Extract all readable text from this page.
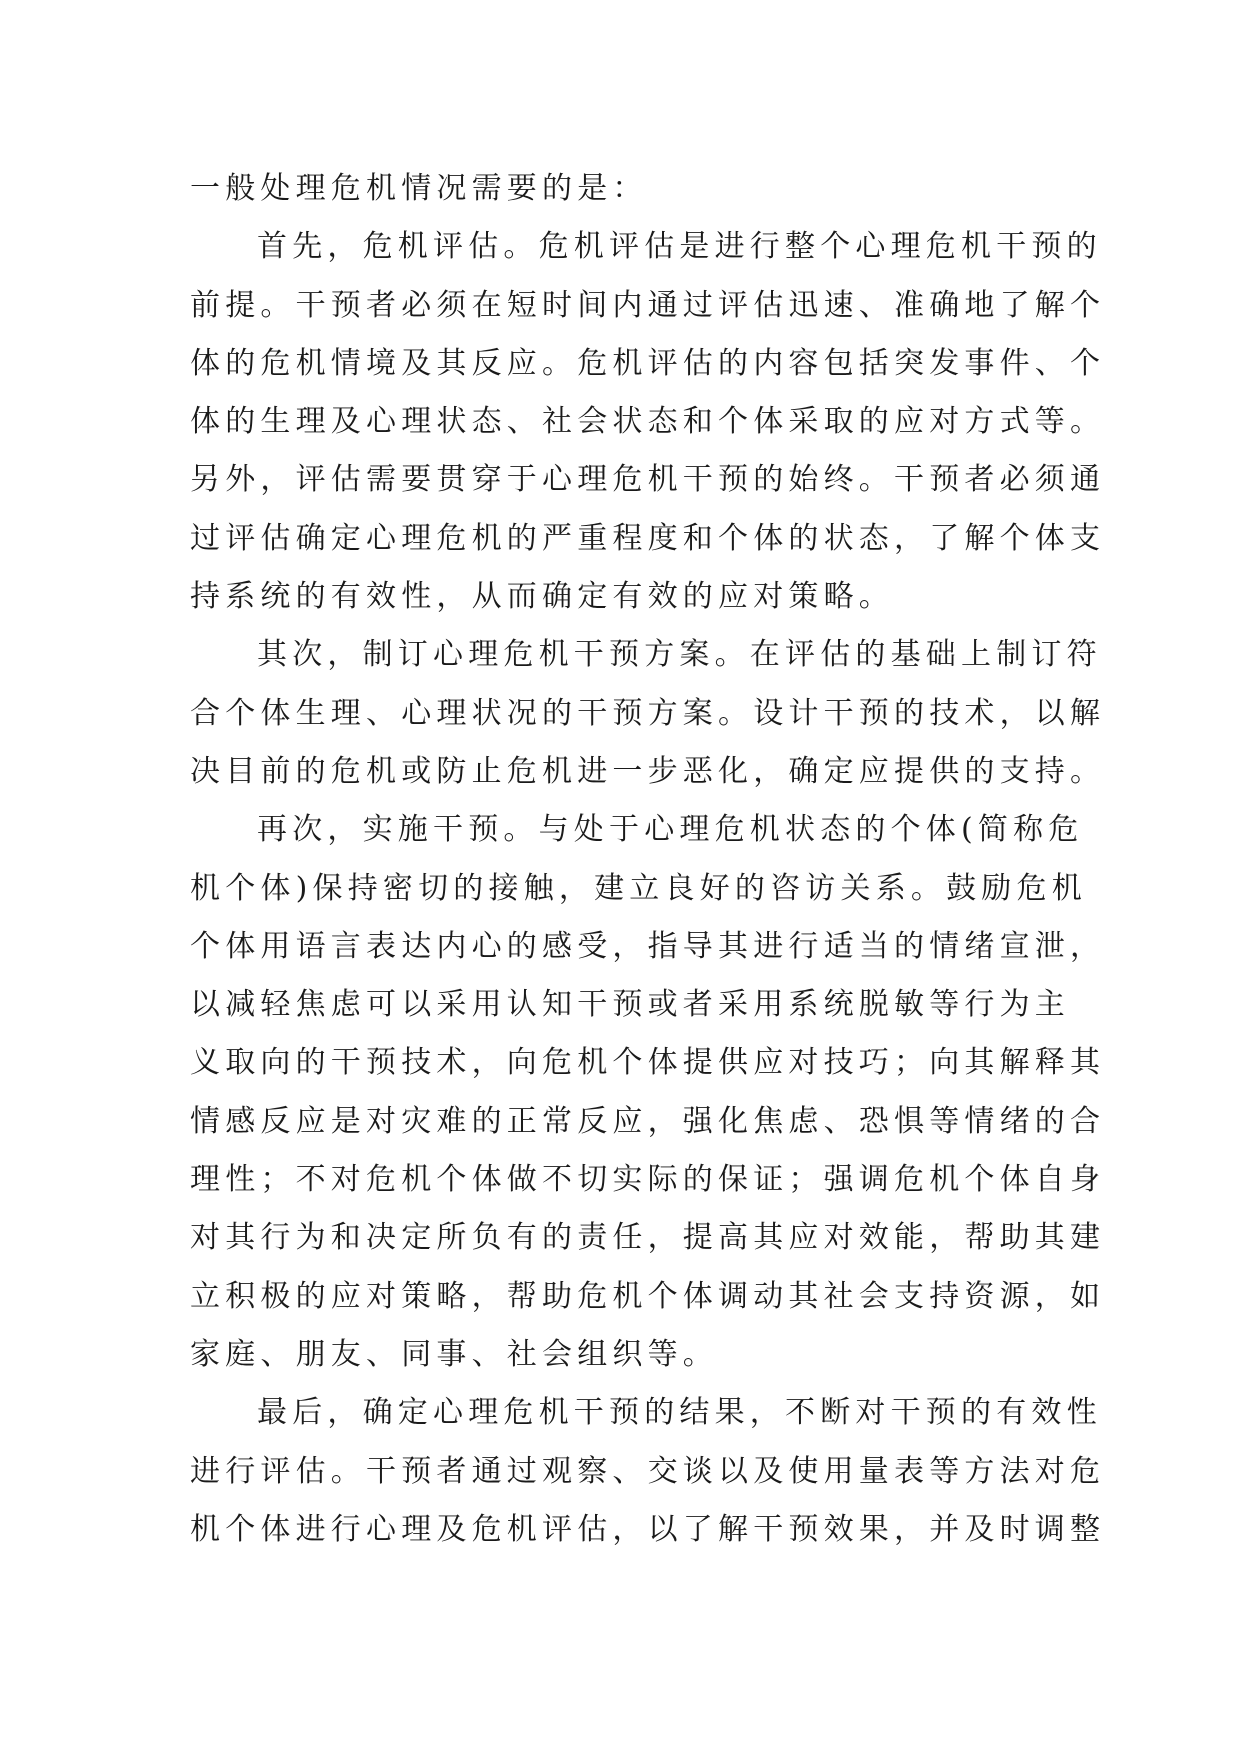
一般处理危机情况需要的是：
首先，危机评估。危机评估是进行整个心理危机干预的
前提。干预者必须在短时间内通过评估迅速、准确地了解个
体的危机情境及其反应。危机评估的内容包括突发事件、个
体的生理及心理状态、社会状态和个体采取的应对方式等。
另外，评估需要贯穿于心理危机干预的始终。干预者必须通
过评估确定心理危机的严重程度和个体的状态，了解个体支
持系统的有效性，从而确定有效的应对策略。
其次，制订心理危机干预方案。在评估的基础上制订符
合个体生理、心理状况的干预方案。设计干预的技术，以解
决目前的危机或防止危机进一步恶化，确定应提供的支持。
再次，实施干预。与处于心理危机状态的个体(简称危
机个体)保持密切的接触，建立良好的咨访关系。鼓励危机
个体用语言表达内心的感受，指导其进行适当的情绪宣泄，
以减轻焦虑可以采用认知干预或者采用系统脱敏等行为主
义取向的干预技术，向危机个体提供应对技巧；向其解释其
情感反应是对灾难的正常反应，强化焦虑、恐惧等情绪的合
理性；不对危机个体做不切实际的保证；强调危机个体自身
对其行为和决定所负有的责任，提高其应对效能，帮助其建
立积极的应对策略，帮助危机个体调动其社会支持资源，如
家庭、朋友、同事、社会组织等。
最后，确定心理危机干预的结果，不断对干预的有效性
进行评估。干预者通过观察、交谈以及使用量表等方法对危
机个体进行心理及危机评估，以了解干预效果，并及时调整
